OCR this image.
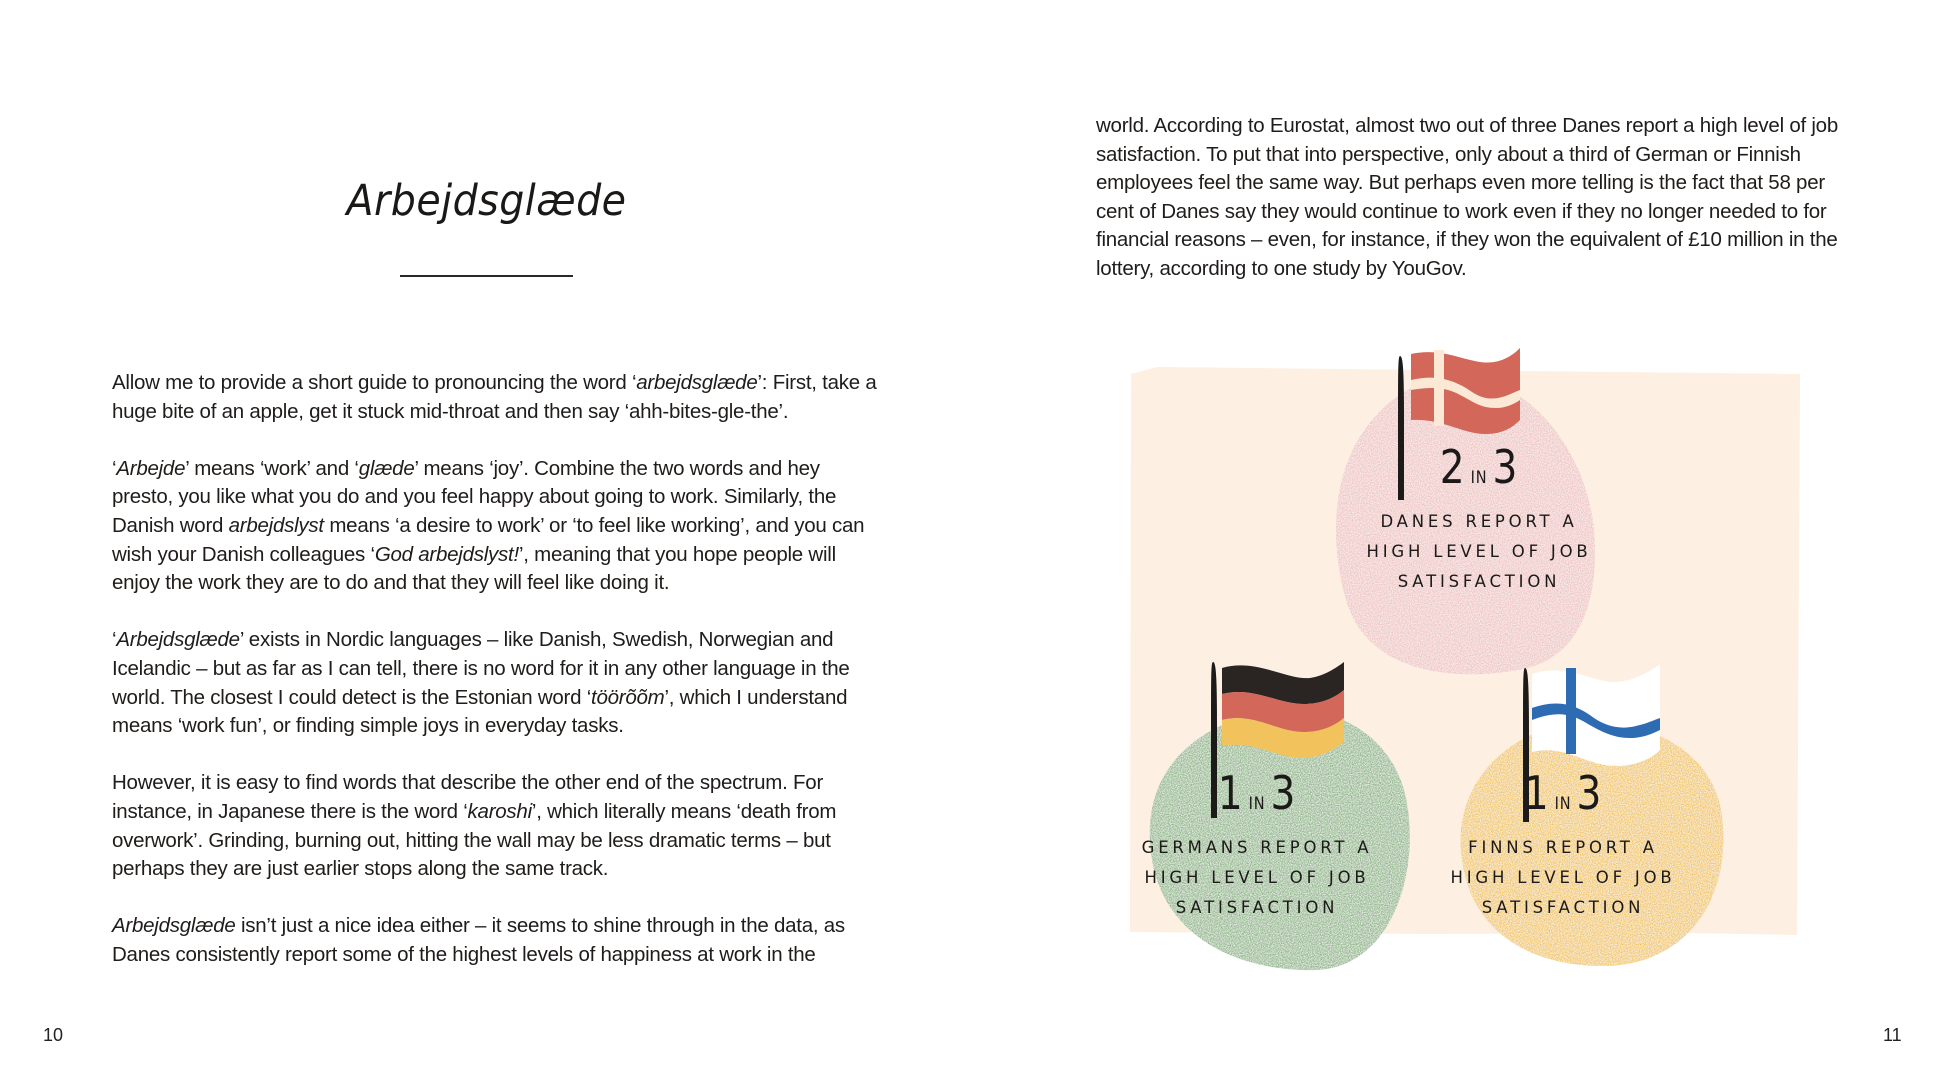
Arbejdsglæde

Allow me to provide a short guide to pronouncing the word ‘arbejdsglæde’: First, take a huge bite of an apple, get it stuck mid-throat and then say ‘ahh-bites-gle-the’.

‘Arbejde’ means ‘work’ and ‘glæde’ means ‘joy’. Combine the two words and hey presto, you like what you do and you feel happy about going to work. Similarly, the Danish word arbejdslyst means ‘a desire to work’ or ‘to feel like working’, and you can wish your Danish colleagues ‘God arbejdslyst!’, meaning that you hope people will enjoy the work they are to do and that they will feel like doing it.

‘Arbejdsglæde’ exists in Nordic languages – like Danish, Swedish, Norwegian and Icelandic – but as far as I can tell, there is no word for it in any other language in the world. The closest I could detect is the Estonian word ‘töörõõm’, which I understand means ‘work fun’, or finding simple joys in everyday tasks.

However, it is easy to find words that describe the other end of the spectrum. For instance, in Japanese there is the word ‘karoshi’, which literally means ‘death from overwork’. Grinding, burning out, hitting the wall may be less dramatic terms – but perhaps they are just earlier stops along the same track.

Arbejdsglæde isn’t just a nice idea either – it seems to shine through in the data, as Danes consistently report some of the highest levels of happiness at work in the

10

world. According to Eurostat, almost two out of three Danes report a high level of job satisfaction. To put that into perspective, only about a third of German or Finnish employees feel the same way. But perhaps even more telling is the fact that 58 per cent of Danes say they would continue to work even if they no longer needed to for financial reasons – even, for instance, if they won the equivalent of £10 million in the lottery, according to one study by YouGov.

11
2 IN 3
DANES REPORT A
HIGH LEVEL OF JOB
SATISFACTION
1 IN 3
GERMANS REPORT A
HIGH LEVEL OF JOB
SATISFACTION
1 IN 3
FINNS REPORT A
HIGH LEVEL OF JOB
SATISFACTION
